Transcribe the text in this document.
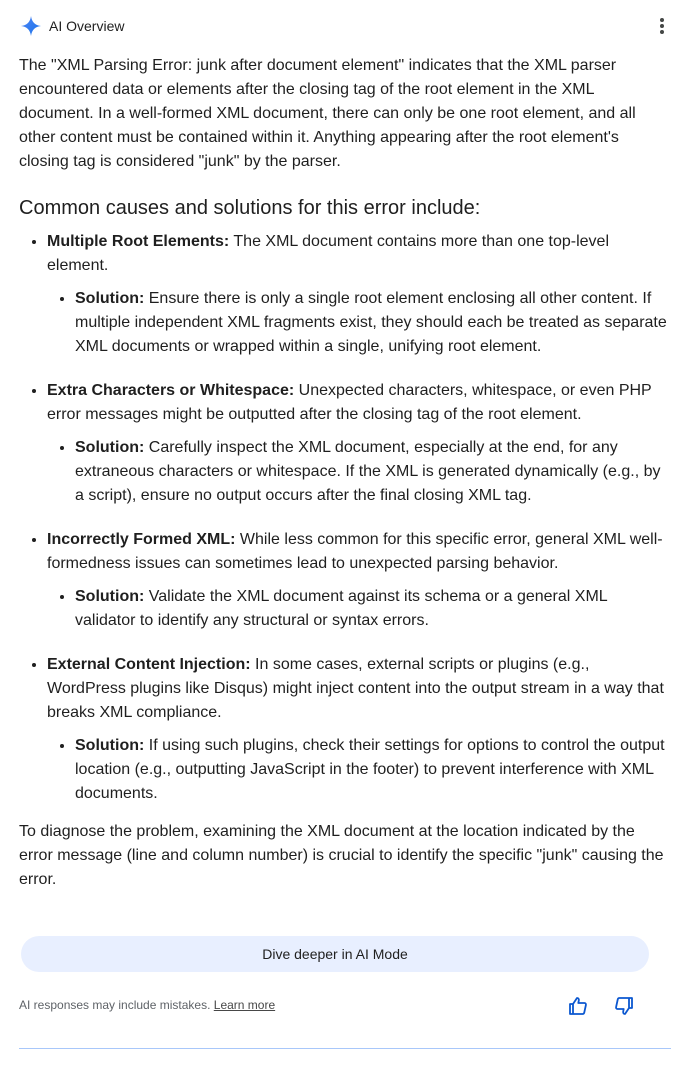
AI Overview

The "XML Parsing Error: junk after document element" indicates that the XML parser encountered data or elements after the closing tag of the root element in the XML document. In a well-formed XML document, there can only be one root element, and all other content must be contained within it. Anything appearing after the root element's closing tag is considered "junk" by the parser.

Common causes and solutions for this error include:
• Multiple Root Elements: The XML document contains more than one top-level element.
• Solution: Ensure there is only a single root element enclosing all other content. If multiple independent XML fragments exist, they should each be treated as separate XML documents or wrapped within a single, unifying root element.
• Extra Characters or Whitespace: Unexpected characters, whitespace, or even PHP error messages might be outputted after the closing tag of the root element.
• Solution: Carefully inspect the XML document, especially at the end, for any extraneous characters or whitespace. If the XML is generated dynamically (e.g., by a script), ensure no output occurs after the final closing XML tag.
• Incorrectly Formed XML: While less common for this specific error, general XML well-formedness issues can sometimes lead to unexpected parsing behavior.
• Solution: Validate the XML document against its schema or a general XML validator to identify any structural or syntax errors.
• External Content Injection: In some cases, external scripts or plugins (e.g., WordPress plugins like Disqus) might inject content into the output stream in a way that breaks XML compliance.
• Solution: If using such plugins, check their settings for options to control the output location (e.g., outputting JavaScript in the footer) to prevent interference with XML documents.

To diagnose the problem, examining the XML document at the location indicated by the error message (line and column number) is crucial to identify the specific "junk" causing the error.

Dive deeper in AI Mode
AI responses may include mistakes. Learn more
